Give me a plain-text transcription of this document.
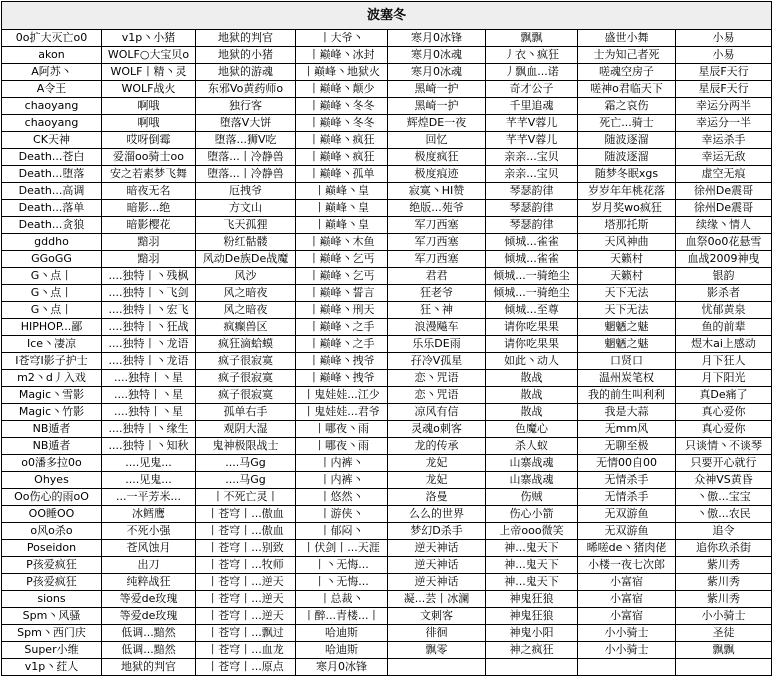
波塞冬							
0o扩大灭亡o0	v1p丶小猪	地狱的判官	丨大爷丶	寒月0冰锋	飘飘	盛世小舞	小易
akon	WOLF○大宝贝o	地狱的小猪	丨巅峰丶冰封	寒月0冰魂	丿衣丶疯狂	士为知己者死	小易
A阿苏丶	WOLF丨精丶灵	地狱的游魂	丨巅峰丶地狱火	寒月0冰魂	丿飘血...诺	嗟魂空房子	星辰F天行
A令王	WOLF战火	东邪Vo黄药师o	丨巅峰丶颠少	黑崎一护	奇才公子	嗟神o君临天下	星辰F天行
chaoyang	啊哦	独行客	丨巅峰丶冬冬	黑崎一护	千里追魂	霜之哀伤	幸运分两半
chaoyang	啊哦	堕落V大饼	丨巅峰丶冬冬	辉煌DE一夜	芊芊V蓉儿	死亡...骑士	幸运分一半
CK天神	哎呀倒霉	堕落...狮V吃	丨巅峰丶疯狂	回忆	芊芊V蓉儿	随波逐溜	幸运杀手
Death...苍白	爱溜oo骑士oo	堕落...丨冷静兽	丨巅峰丶疯狂	极度疯狂	亲亲...宝贝	随波逐溜	幸运无敌
Death...堕落	安之若素梦飞舞	堕落...丨冷静兽	丨巅峰丶孤单	极度痕迹	亲亲...宝贝	随梦冬眠xgs	虚空无痕
Death...高调	暗夜无名	厄拽爷	丨巅峰丶皇	寂寞丶HI赞	琴瑟韵律	岁岁年年桃花落	徐州De震哥
Death...落单	暗影...绝	方文山	丨巅峰丶皇	绝版...苑爷	琴瑟韵律	岁月奖wo疯狂	徐州De震哥
Death...贪狼	暗影樱花	飞天孤狸	丨巅峰丶皇	军刀西塞	琴瑟韵律	塔那托斯	续缘丶情人
gddho	黯羽	粉红骷髅	丨巅峰丶木鱼	军刀西塞	倾城...雀雀	天风神曲	血祭0o0花悬雪
GGoGG	黯羽	风动De族De战魔	丨巅峰丶乞丐	军刀西塞	倾城...雀雀	天籁村	血战2009神曳
G丶点丨	....独特丨丶残枫	风沙	丨巅峰丶乞丐	君君	倾城...一骑绝尘	天籁村	银韵
G丶点丨	....独特丨丶飞剑	风之暗夜	丨巅峰丶誓言	狂老爷	倾城...一骑绝尘	天下无法	影杀者
G丶点丨	....独特丨丶宏飞	风之暗夜	丨巅峰丶刑天	狂丶神	倾城...至尊	天下无法	忧郁黄泉
HIPHOP...鄙	....独特丨丶狂战	疯癫兽区	丨巅峰丶之手	浪漫飚车	请你吃果果	魍魉之魅	鱼的前辈
Ice丶凄凉	....独特丨丶龙语	疯狂滴蛤蟆	丨巅峰丶之手	乐乐DE雨	请你吃果果	魍魉之魅	煜木ai上感动
I苍穹I影子护士	....独特丨丶龙语	疯子很寂寞	丨巅峰丶拽爷	孖冷V孤星	如此丶动人	口贤口	月下狂人
m2丶d丿入戏	....独特丨丶星	疯子很寂寞	丨巅峰丶拽爷	恋丶咒语	散战	温州炭笔权	月下阳光
Magic丶雪影	....独特丨丶星	疯子很寂寞	丨鬼娃娃...江少	恋丶咒语	散战	我的前生叫利利	真De痛了
Magic丶竹影	....独特丨丶星	孤单右手	丨鬼娃娃...君爷	凉风有信	散战	我是大蒜	真心爱你
NB遁者	....独特丨丶缘生	观阴大湿	丨哪夜丶雨	灵魂o刺客	色魔心	无mm风	真心爱你
NB遁者	....独特丨丶知秋	鬼神极限战士	丨哪夜丶雨	龙的传承	杀人蚁	无聊至极	只谈情丶不谈琴
o0潘多拉0o	....见鬼...	....马Gg	丨内裤丶	龙妃	山寨战魂	无情00自00	只要开心就行
Ohyes	....见鬼...	....马Gg	丨内裤丶	龙妃	山寨战魂	无情杀手	众神VS黄昏
Oo伤心的雨oO	...一平芳米...	丨不死亡灵丨	丨悠然丶	洛曼	伤贼	无情杀手	丶傲...宝宝
OO睡OO	冰鳕鹰	丨苍穹丨...傲血	丨游侠丶	么么的世界	伤心小箭	无双游鱼	丶傲...农民
o风o杀o	不死小强	丨苍穹丨...傲血	丨郁闷丶	梦幻D杀手	上帝ooo微笑	无双游鱼	追令
Poseidon	苍风蚀月	丨苍穹丨...别致	丨伏剑丨...天涯	逆天神话	神...鬼天下	晞嗟de丶猪肉佬	追你玖杀街
P孩爱疯狂	出刀	丨苍穹丨...牧师	丨丶无悔...	逆天神话	神...鬼天下	小楼一夜七次郎	紫川秀
P孩爱疯狂	纯粹战狂	丨苍穹丨...逆天	丨丶无悔...	逆天神话	神...鬼天下	小富宿	紫川秀
sions	等爱de玫瑰	丨苍穹丨...逆天	丨总裁丶	凝...芸丨冰澜	神鬼狂狼	小富宿	紫川秀
Spm丶风骚	等爱de玫瑰	丨苍穹丨...逆天	丨醉...青楼...丨	文刺客	神鬼狂狼	小富宿	小小骑士
Spm丶西门庆	低调...黯然	丨苍穹丨...飘过	哈迪斯	徘徊	神鬼小阳	小小骑士	圣徒
Super小维	低调...黯然	丨苍穹丨...血龙	哈迪斯	飘零	神之疯狂	小小骑士	飘飘
v1p丶荭人	地狱的判官	丨苍穹丨...原点	寒月0冰锋				
